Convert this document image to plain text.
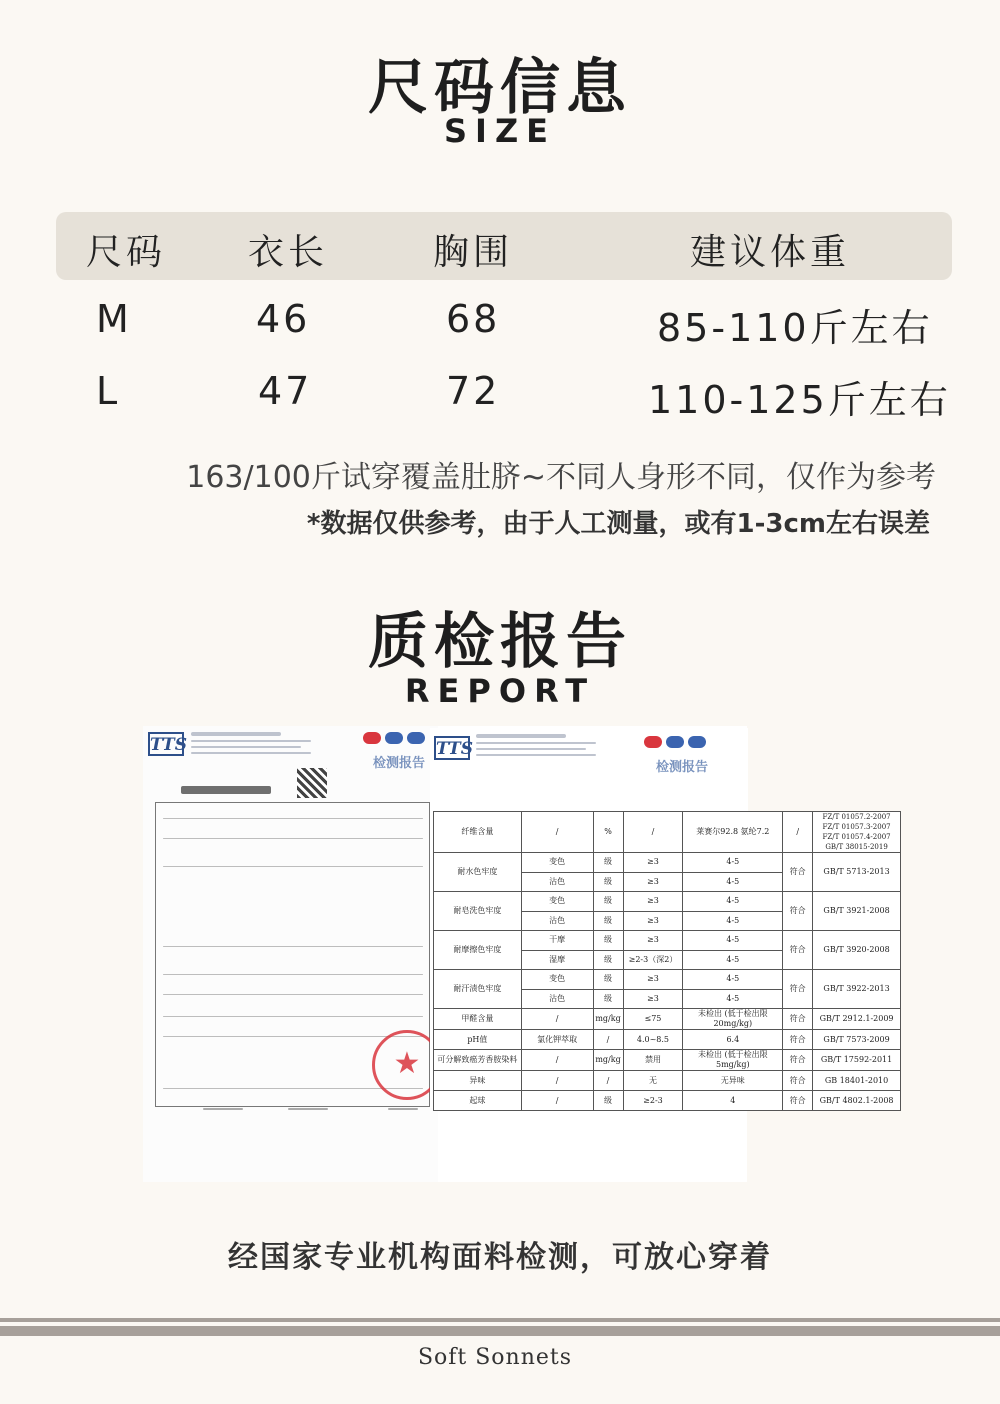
尺码信息
SIZE
尺码 衣长	胸围	建议体重
M	46	68	85-110斤左右
L	47	72	110-125斤左右
163/100斤试穿覆盖肚脐~不同人身形不同，仅作为参考
*数据仅供参考，由于人工测量，或有1-3cm左右误差
质检报告
REPORT
TTS
检测报告
★
TTS
检测报告
纤维含量	/	%	/	莱赛尔92.8 氨纶7.2	/	FZ/T 01057.2-2007 FZ/T 01057.3-2007 FZ/T 01057.4-2007 GB/T 38015-2019
耐水色牢度	变色	级	≥3	4-5	符合	GB/T 5713-2013
	沾色	级	≥3	4-5		
耐皂洗色牢度	变色	级	≥3	4-5	符合	GB/T 3921-2008
	沾色	级	≥3	4-5		
耐摩擦色牢度	干摩	级	≥3	4-5	符合	GB/T 3920-2008
	湿摩	级	≥2-3（深2）	4-5		
耐汗渍色牢度	变色	级	≥3	4-5	符合	GB/T 3922-2013
	沾色	级	≥3	4-5		
甲醛含量	/	mg/kg	≤75	未检出 (低于检出限20mg/kg)	符合	GB/T 2912.1-2009
pH值	氯化钾萃取	/	4.0~8.5	6.4	符合	GB/T 7573-2009
可分解致癌芳香胺染料	/	mg/kg	禁用	未检出 (低于检出限5mg/kg)	符合	GB/T 17592-2011
异味	/	/	无	无异味	符合	GB 18401-2010
起球	/	级	≥2-3	4	符合	GB/T 4802.1-2008
经国家专业机构面料检测，可放心穿着
Soft Sonnets
